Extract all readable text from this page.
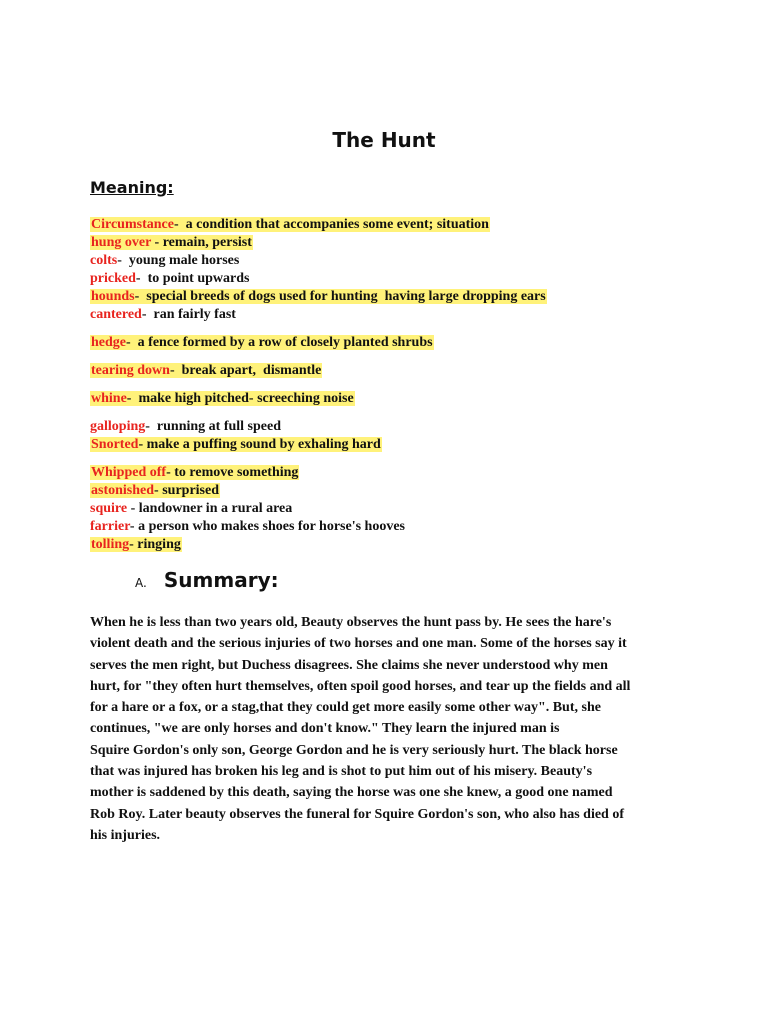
The Hunt
Meaning:
Circumstance-  a condition that accompanies some event; situation
hung over - remain, persist
colts-  young male horses
pricked-  to point upwards
hounds-  special breeds of dogs used for hunting  having large dropping ears
cantered-  ran fairly fast
hedge-  a fence formed by a row of closely planted shrubs
tearing down-  break apart,  dismantle
whine-  make high pitched- screeching noise
galloping-  running at full speed
Snorted- make a puffing sound by exhaling hard
Whipped off- to remove something
astonished- surprised
squire - landowner in a rural area
farrier- a person who makes shoes for horse's hooves
tolling- ringing
A. Summary:
When he is less than two years old, Beauty observes the hunt pass by. He sees the hare's
violent death and the serious injuries of two horses and one man. Some of the horses say it
serves the men right, but Duchess disagrees. She claims she never understood why men
hurt, for "they often hurt themselves, often spoil good horses, and tear up the fields and all
for a hare or a fox, or a stag,that they could get more easily some other way". But, she
continues, "we are only horses and don't know." They learn the injured man is
Squire Gordon's only son, George Gordon and he is very seriously hurt. The black horse
that was injured has broken his leg and is shot to put him out of his misery. Beauty's
mother is saddened by this death, saying the horse was one she knew, a good one named
Rob Roy. Later beauty observes the funeral for Squire Gordon's son, who also has died of
his injuries.
